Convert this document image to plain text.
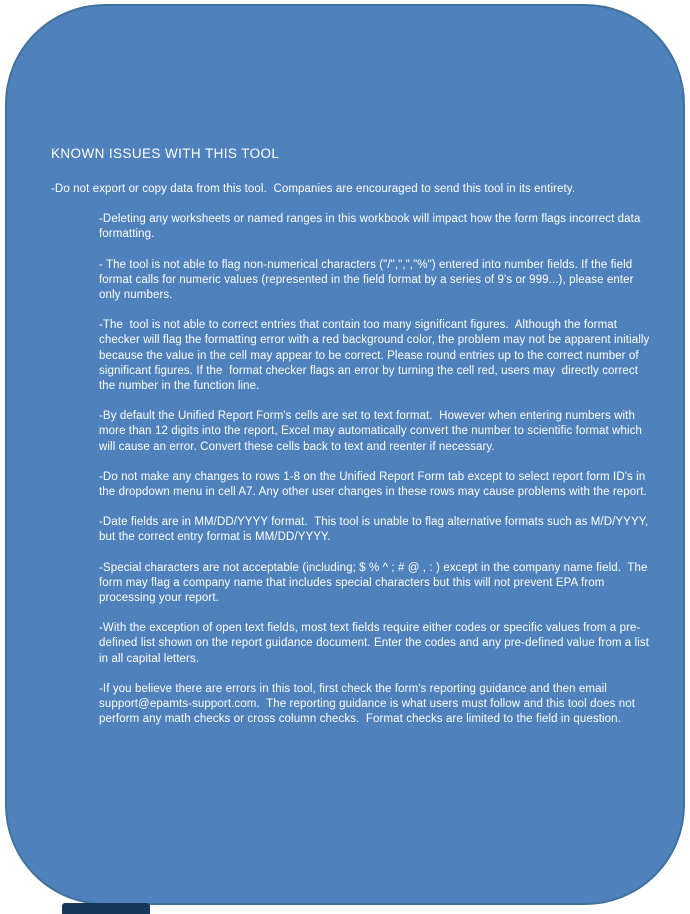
KNOWN ISSUES WITH THIS TOOL

-Do not export or copy data from this tool.  Companies are encouraged to send this tool in its entirety.

-Deleting any worksheets or named ranges in this workbook will impact how the form flags incorrect data formatting.

- The tool is not able to flag non-numerical characters ("/",",","%") entered into number fields. If the field format calls for numeric values (represented in the field format by a series of 9's or 999...), please enter only numbers.

-The  tool is not able to correct entries that contain too many significant figures.  Although the format checker will flag the formatting error with a red background color, the problem may not be apparent initially because the value in the cell may appear to be correct. Please round entries up to the correct number of significant figures. If the  format checker flags an error by turning the cell red, users may  directly correct the number in the function line.

-By default the Unified Report Form's cells are set to text format.  However when entering numbers with more than 12 digits into the report, Excel may automatically convert the number to scientific format which will cause an error. Convert these cells back to text and reenter if necessary.

-Do not make any changes to rows 1-8 on the Unified Report Form tab except to select report form ID's in the dropdown menu in cell A7. Any other user changes in these rows may cause problems with the report.

-Date fields are in MM/DD/YYYY format.  This tool is unable to flag alternative formats such as M/D/YYYY, but the correct entry format is MM/DD/YYYY.

-Special characters are not acceptable (including; $ % ^ ; # @ , : ) except in the company name field.  The form may flag a company name that includes special characters but this will not prevent EPA from processing your report.

-With the exception of open text fields, most text fields require either codes or specific values from a pre-defined list shown on the report guidance document. Enter the codes and any pre-defined value from a list in all capital letters.

-If you believe there are errors in this tool, first check the form's reporting guidance and then email  support@epamts-support.com.  The reporting guidance is what users must follow and this tool does not perform any math checks or cross column checks.  Format checks are limited to the field in question.
